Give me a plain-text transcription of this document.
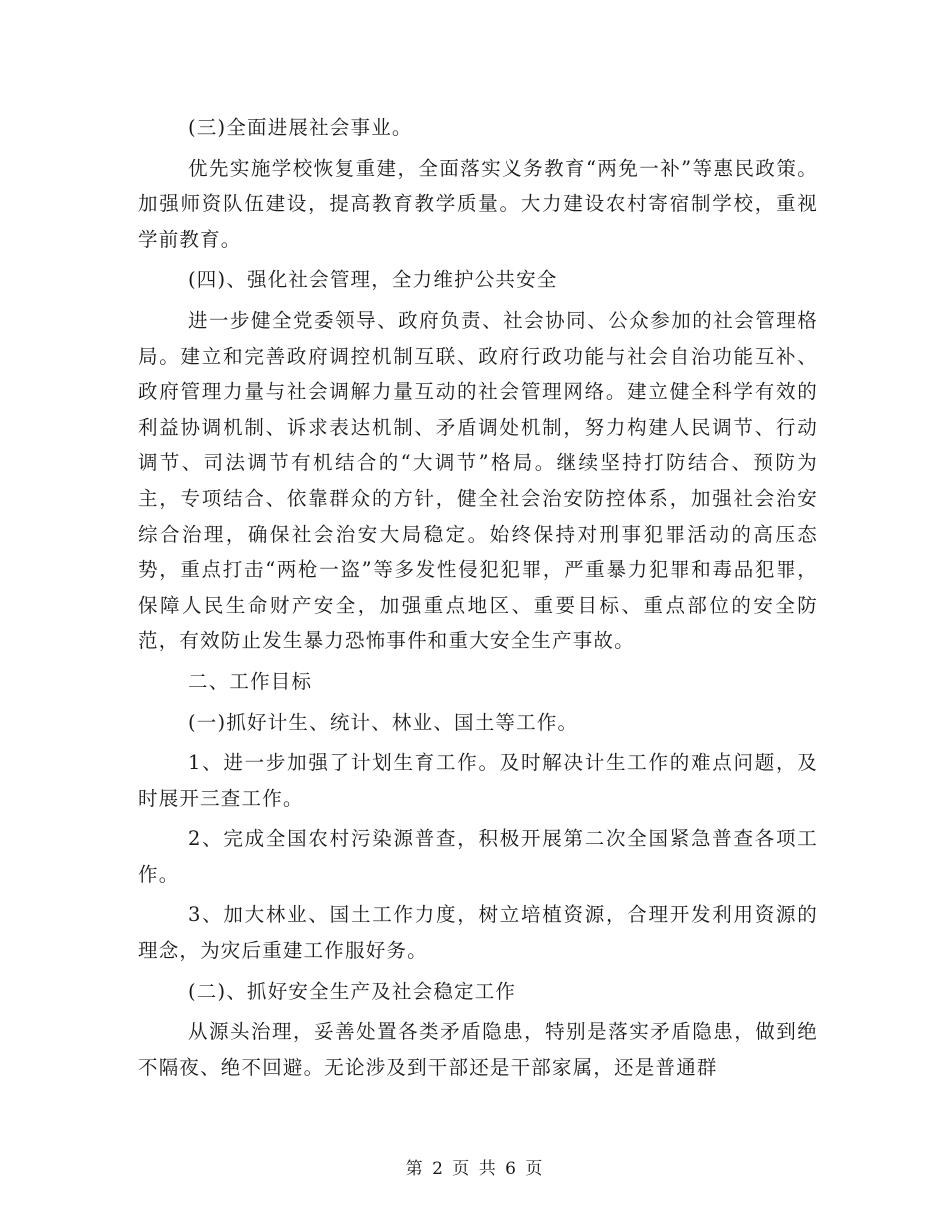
(三)全面进展社会事业。

优先实施学校恢复重建，全面落实义务教育“两免一补”等惠民政策。加强师资队伍建设，提高教育教学质量。大力建设农村寄宿制学校，重视学前教育。

(四)、强化社会管理，全力维护公共安全

进一步健全党委领导、政府负责、社会协同、公众参加的社会管理格局。建立和完善政府调控机制互联、政府行政功能与社会自治功能互补、政府管理力量与社会调解力量互动的社会管理网络。建立健全科学有效的利益协调机制、诉求表达机制、矛盾调处机制，努力构建人民调节、行动调节、司法调节有机结合的“大调节”格局。继续坚持打防结合、预防为主，专项结合、依靠群众的方针，健全社会治安防控体系，加强社会治安综合治理，确保社会治安大局稳定。始终保持对刑事犯罪活动的高压态势，重点打击“两枪一盗”等多发性侵犯犯罪，严重暴力犯罪和毒品犯罪，保障人民生命财产安全，加强重点地区、重要目标、重点部位的安全防范，有效防止发生暴力恐怖事件和重大安全生产事故。

二、工作目标

(一)抓好计生、统计、林业、国土等工作。

1、进一步加强了计划生育工作。及时解决计生工作的难点问题，及时展开三查工作。

2、完成全国农村污染源普查，积极开展第二次全国紧急普查各项工作。

3、加大林业、国土工作力度，树立培植资源，合理开发利用资源的理念，为灾后重建工作服好务。

(二)、抓好安全生产及社会稳定工作

从源头治理，妥善处置各类矛盾隐患，特别是落实矛盾隐患，做到绝不隔夜、绝不回避。无论涉及到干部还是干部家属，还是普通群

第 2 页 共 6 页
